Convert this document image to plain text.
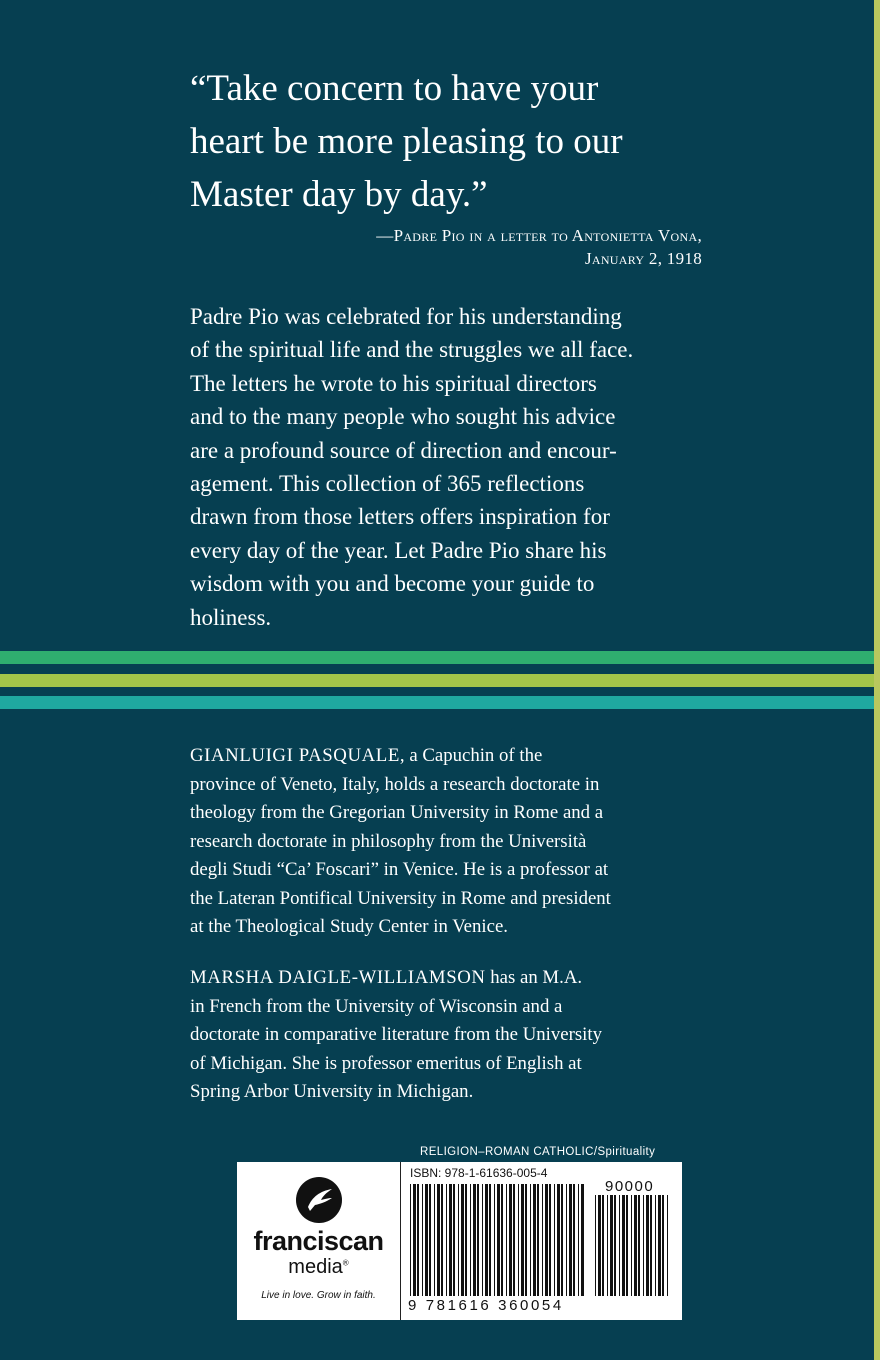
“Take concern to have your

heart be more pleasing to our

Master day by day.”

—Padre Pio in a letter to Antonietta Vona,
January 2, 1918
Padre Pio was celebrated for his understanding
of the spiritual life and the struggles we all face.
The letters he wrote to his spiritual directors
and to the many people who sought his advice
are a profound source of direction and encour-
agement. This collection of 365 reflections
drawn from those letters offers inspiration for
every day of the year. Let Padre Pio share his
wisdom with you and become your guide to
holiness.
GIANLUIGI PASQUALE, a Capuchin of the
province of Veneto, Italy, holds a research doctorate in
theology from the Gregorian University in Rome and a
research doctorate in philosophy from the Università
degli Studi “Ca’ Foscari” in Venice. He is a professor at
the Lateran Pontifical University in Rome and president
at the Theological Study Center in Venice.
MARSHA DAIGLE-WILLIAMSON has an M.A.
in French from the University of Wisconsin and a
doctorate in comparative literature from the University
of Michigan. She is professor emeritus of English at
Spring Arbor University in Michigan.
RELIGION–ROMAN CATHOLIC/Spirituality
franciscan
media®
Live in love. Grow in faith.
ISBN: 978-1-61636-005-4
90000
9 781616 360054
